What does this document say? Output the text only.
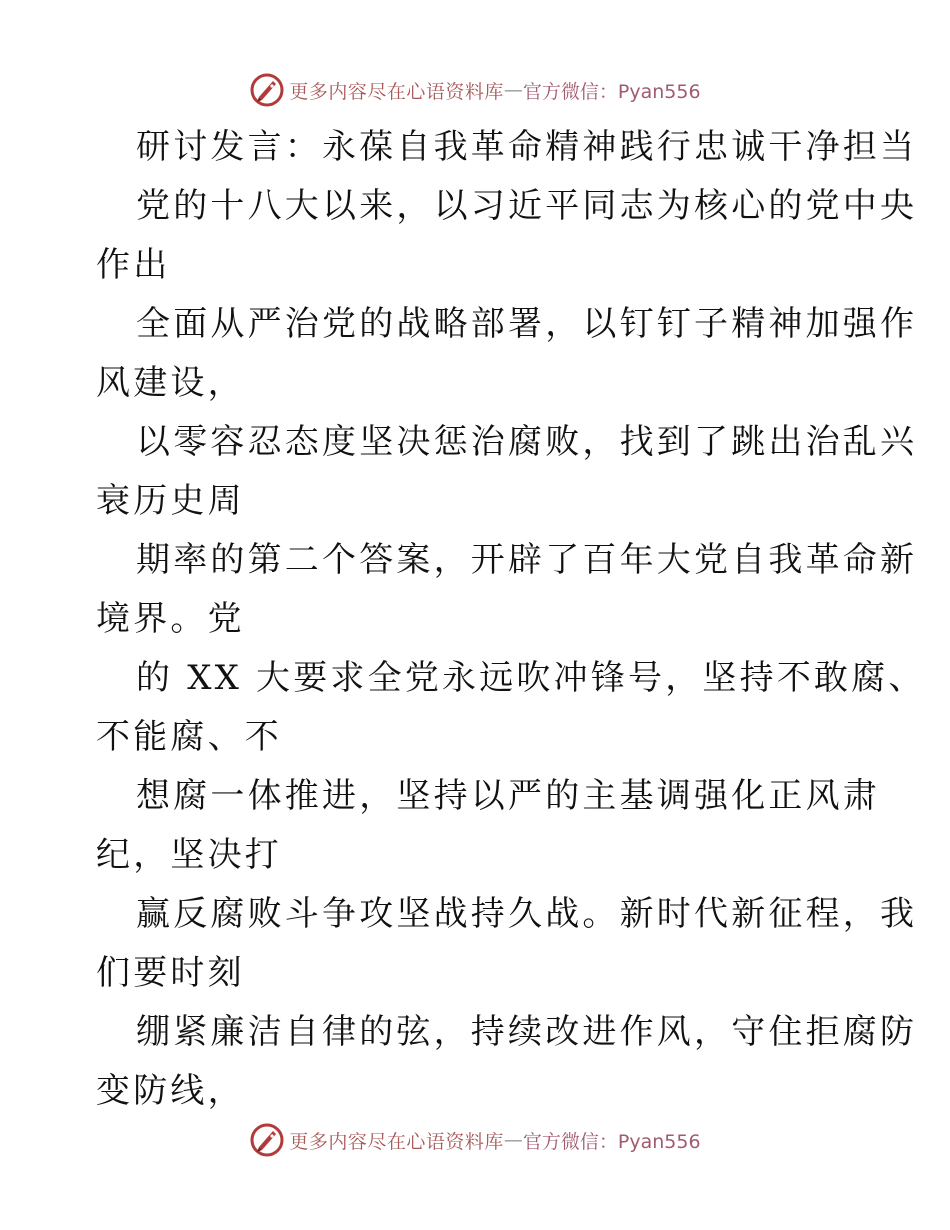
更多内容尽在心语资料库 — 官方微信：Pyan556
研讨发言：永葆自我革命精神践行忠诚干净担当
党的十八大以来，以习近平同志为核心的党中央
作出
全面从严治党的战略部署，以钉钉子精神加强作
风建设，
以零容忍态度坚决惩治腐败，找到了跳出治乱兴
衰历史周
期率的第二个答案，开辟了百年大党自我革命新
境界。党
的 XX 大要求全党永远吹冲锋号，坚持不敢腐、
不能腐、不
想腐一体推进，坚持以严的主基调强化正风肃
纪，坚决打
赢反腐败斗争攻坚战持久战。新时代新征程，我
们要时刻
绷紧廉洁自律的弦，持续改进作风，守住拒腐防
变防线，
更多内容尽在心语资料库 — 官方微信：Pyan556
